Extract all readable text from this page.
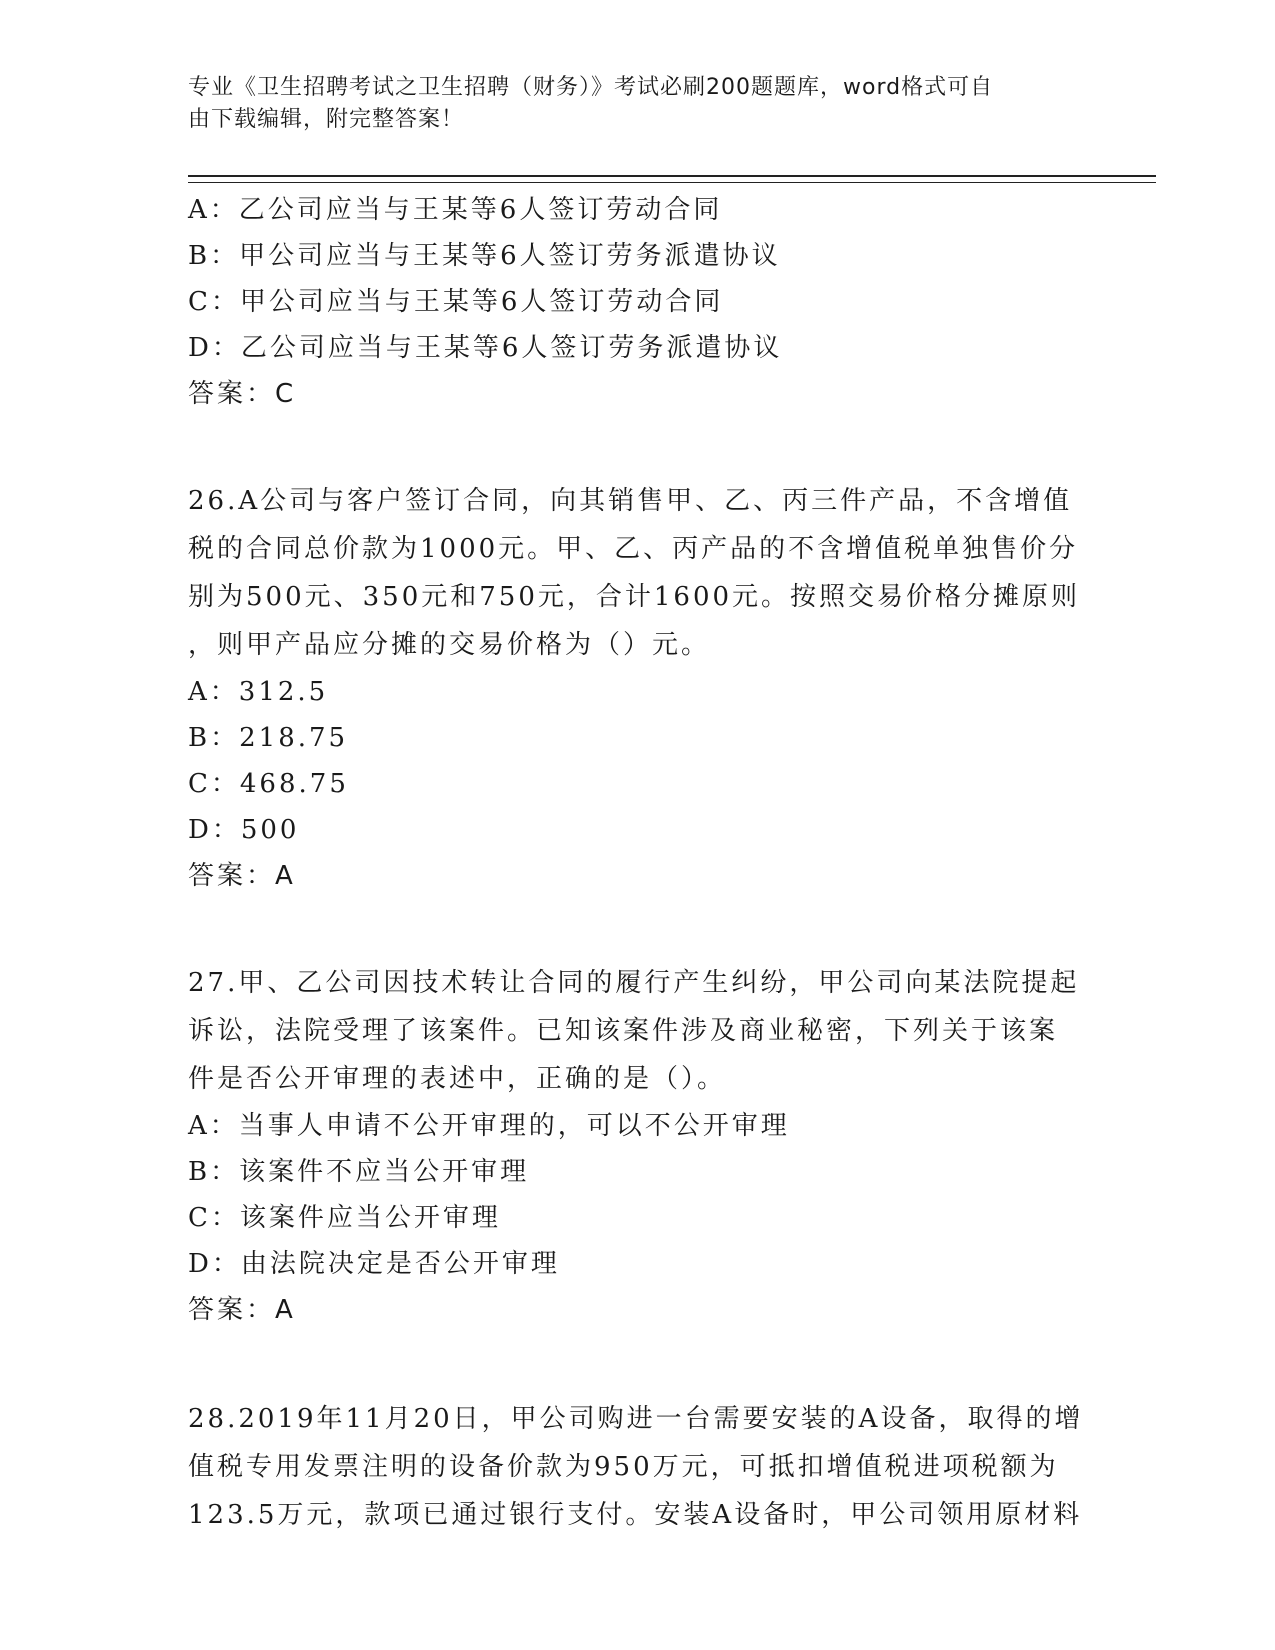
专业《卫生招聘考试之卫生招聘（财务）》考试必刷200题题库，word格式可自
由下载编辑，附完整答案！
A：乙公司应当与王某等6人签订劳动合同
B：甲公司应当与王某等6人签订劳务派遣协议
C：甲公司应当与王某等6人签订劳动合同
D：乙公司应当与王某等6人签订劳务派遣协议
答案：C
26.A公司与客户签订合同，向其销售甲、乙、丙三件产品，不含增值
税的合同总价款为1000元。甲、乙、丙产品的不含增值税单独售价分
别为500元、350元和750元，合计1600元。按照交易价格分摊原则
，则甲产品应分摊的交易价格为（）元。
A：312.5
B：218.75
C：468.75
D：500
答案：A
27.甲、乙公司因技术转让合同的履行产生纠纷，甲公司向某法院提起
诉讼，法院受理了该案件。已知该案件涉及商业秘密，下列关于该案
件是否公开审理的表述中，正确的是（）。
A：当事人申请不公开审理的，可以不公开审理
B：该案件不应当公开审理
C：该案件应当公开审理
D：由法院决定是否公开审理
答案：A
28.2019年11月20日，甲公司购进一台需要安装的A设备，取得的增
值税专用发票注明的设备价款为950万元，可抵扣增值税进项税额为
123.5万元，款项已通过银行支付。安装A设备时，甲公司领用原材料
